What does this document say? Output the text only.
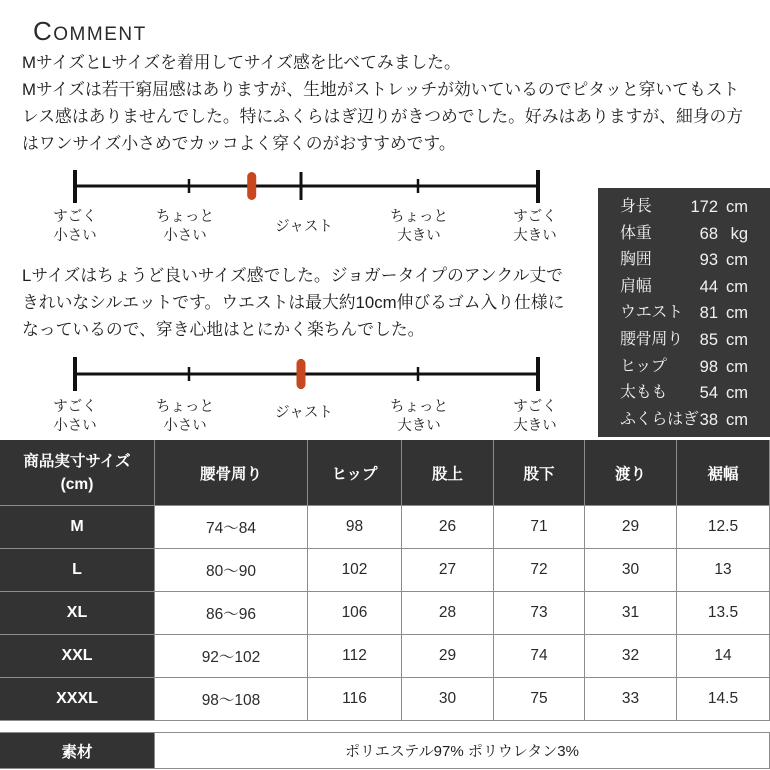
COMMENT
MサイズとLサイズを着用してサイズ感を比べてみました。
Mサイズは若干窮屈感はありますが、生地がストレッチが効いているのでピタッと穿いてもスト
レス感はありませんでした。特にふくらはぎ辺りがきつめでした。好みはありますが、細身の方
はワンサイズ小さめでカッコよく穿くのがおすすめです。
すごく
小さい
ちょっと
小さい
ジャスト
ちょっと
大きい
すごく
大きい
Lサイズはちょうど良いサイズ感でした。ジョガータイプのアンクル丈で
きれいなシルエットです。ウエストは最大約10cm伸びるゴム入り仕様に
なっているので、穿き心地はとにかく楽ちんでした。
すごく
小さい
ちょっと
小さい
ジャスト	ちょっと
大きい
すごく
大きい
身長 172 cm
体重	68 kg
胸囲	93 cm
肩幅	44 cm
ウエスト 81 cm
腰骨周り 85 cm
ヒップ 98 cm
太もも 54 cm
ふくらはぎ 38 cm
商品実寸サイズ
(cm)
腰骨周り	ヒップ	股上	股下	渡り	裾幅
M	74～84	98	26	71	29	12.5
L	80～90	102	27	72	30	13
XL	86～96	106	28	73	31	13.5
XXL	92～102	112	29	74	32	14
XXXL	98～108	116	30	75	33	14.5
素材	ポリエステル97% ポリウレタン3%
